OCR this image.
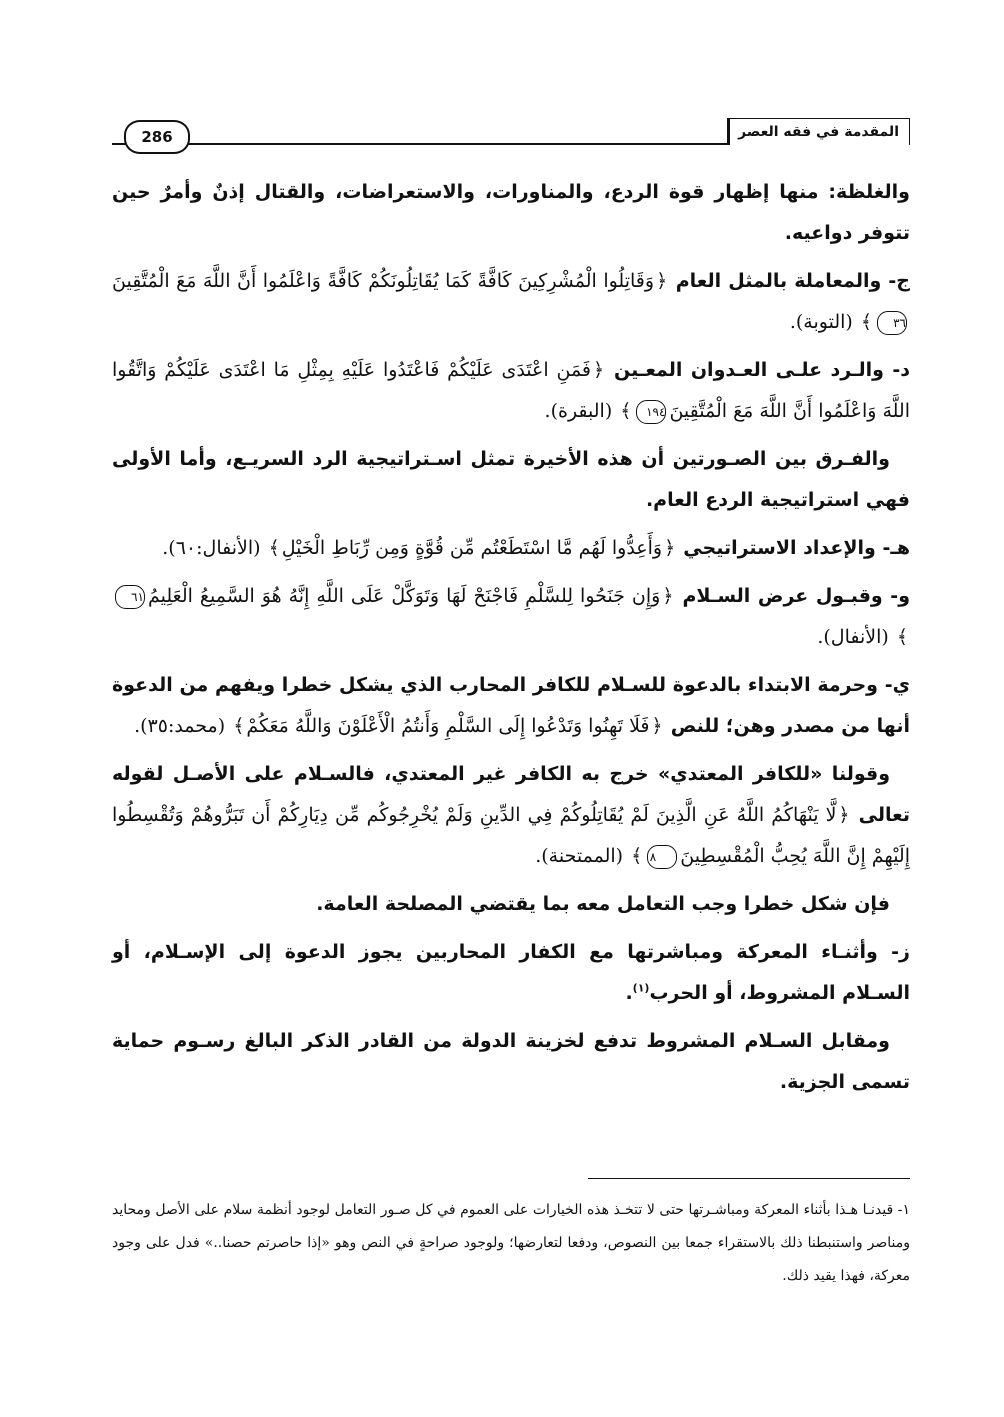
المقدمة في فقه العصر
286

والغلظة: منها إظهار قوة الردع، والمناورات، والاستعراضات، والقتال إذنٌ وأمرٌ حين تتوفر دواعيه.

ج- والمعاملة بالمثل العام ﴿وَقَاتِلُوا الْمُشْرِكِينَ كَافَّةً كَمَا يُقَاتِلُونَكُمْ كَافَّةً وَاعْلَمُوا أَنَّ اللَّهَ مَعَ الْمُتَّقِينَ٣٦﴾ (التوبة).

د- والـرد علـى العـدوان المعـين ﴿فَمَنِ اعْتَدَى عَلَيْكُمْ فَاعْتَدُوا عَلَيْهِ بِمِثْلِ مَا اعْتَدَى عَلَيْكُمْ وَاتَّقُوا اللَّهَ وَاعْلَمُوا أَنَّ اللَّهَ مَعَ الْمُتَّقِينَ١٩٤﴾ (البقرة).

والفـرق بين الصـورتين أن هذه الأخيرة تمثل اسـتراتيجية الرد السريـع، وأما الأولى فهي استراتيجية الردع العام.

هـ- والإعداد الاستراتيجي ﴿وَأَعِدُّوا لَهُم مَّا اسْتَطَعْتُم مِّن قُوَّةٍ وَمِن رِّبَاطِ الْخَيْلِ﴾ (الأنفال:٦٠).

و- وقبـول عرض السـلام ﴿وَإِن جَنَحُوا لِلسَّلْمِ فَاجْنَحْ لَهَا وَتَوَكَّلْ عَلَى اللَّهِ إِنَّهُ هُوَ السَّمِيعُ الْعَلِيمُ٦١﴾ (الأنفال).

ي- وحرمة الابتداء بالدعوة للسـلام للكافر المحارب الذي يشكل خطرا ويفهم من الدعوة أنها من مصدر وهن؛ للنص ﴿فَلَا تَهِنُوا وَتَدْعُوا إِلَى السَّلْمِ وَأَنتُمُ الْأَعْلَوْنَ وَاللَّهُ مَعَكُمْ﴾ (محمد:٣٥).

وقولنا «للكافر المعتدي» خرج به الكافر غير المعتدي، فالسـلام على الأصـل لقوله تعالى ﴿لَّا يَنْهَاكُمُ اللَّهُ عَنِ الَّذِينَ لَمْ يُقَاتِلُوكُمْ فِي الدِّينِ وَلَمْ يُخْرِجُوكُم مِّن دِيَارِكُمْ أَن تَبَرُّوهُمْ وَتُقْسِطُوا إِلَيْهِمْ إِنَّ اللَّهَ يُحِبُّ الْمُقْسِطِينَ٨﴾ (الممتحنة).

فإن شكل خطرا وجب التعامل معه بما يقتضي المصلحة العامة.

ز- وأثنـاء المعركة ومباشرتها مع الكفار المحاربين يجوز الدعوة إلى الإسـلام، أو السـلام المشروط، أو الحرب$^{(١)}$.

ومقابل السـلام المشروط تدفع لخزينة الدولة من القادر الذكر البالغ رسـوم حماية تسمى الجزية.

١- قيدنـا هـذا بأثناء المعركة ومباشـرتها حتى لا تتخـذ هذه الخيارات على العموم في كل صـور التعامل لوجود أنظمة سلام على الأصل ومحايد ومناصر واستنبطنا ذلك بالاستقراء جمعا بين النصوص، ودفعا لتعارضها؛ ولوجود صراحةٍ في النص وهو «إذا حاصرتم حصنا..» فدل على وجود معركة، فهذا يقيد ذلك.
